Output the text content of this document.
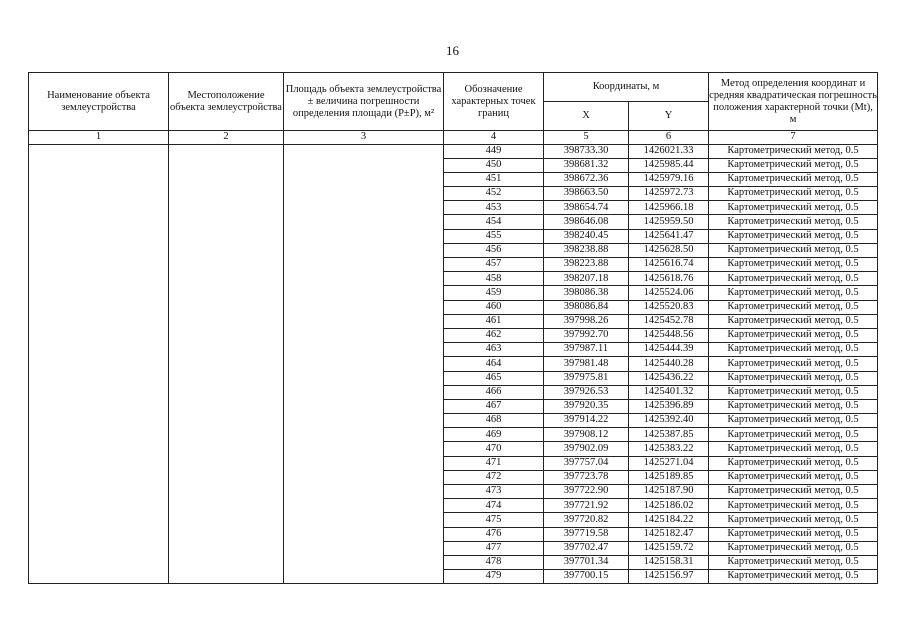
16
Наименование объекта землеустройства	Местоположение объекта землеустройства	Площадь объекта землеустройства ± величина погрешности определения площади (P±P), м²	Обозначение характерных точек границ	Координаты, м		Метод определения координат и средняя квадратическая погрешность положения характерной точки (Mt), м
				X	Y	
1	2	3	4	5	6	7
			449	398733.30	1426021.33	Картометрический метод, 0.5
			450	398681.32	1425985.44	Картометрический метод, 0.5
			451	398672.36	1425979.16	Картометрический метод, 0.5
			452	398663.50	1425972.73	Картометрический метод, 0.5
			453	398654.74	1425966.18	Картометрический метод, 0.5
			454	398646.08	1425959.50	Картометрический метод, 0.5
			455	398240.45	1425641.47	Картометрический метод, 0.5
			456	398238.88	1425628.50	Картометрический метод, 0.5
			457	398223.88	1425616.74	Картометрический метод, 0.5
			458	398207.18	1425618.76	Картометрический метод, 0.5
			459	398086.38	1425524.06	Картометрический метод, 0.5
			460	398086.84	1425520.83	Картометрический метод, 0.5
			461	397998.26	1425452.78	Картометрический метод, 0.5
			462	397992.70	1425448.56	Картометрический метод, 0.5
			463	397987.11	1425444.39	Картометрический метод, 0.5
			464	397981.48	1425440.28	Картометрический метод, 0.5
			465	397975.81	1425436.22	Картометрический метод, 0.5
			466	397926.53	1425401.32	Картометрический метод, 0.5
			467	397920.35	1425396.89	Картометрический метод, 0.5
			468	397914.22	1425392.40	Картометрический метод, 0.5
			469	397908.12	1425387.85	Картометрический метод, 0.5
			470	397902.09	1425383.22	Картометрический метод, 0.5
			471	397757.04	1425271.04	Картометрический метод, 0.5
			472	397723.78	1425189.85	Картометрический метод, 0.5
			473	397722.90	1425187.90	Картометрический метод, 0.5
			474	397721.92	1425186.02	Картометрический метод, 0.5
			475	397720.82	1425184.22	Картометрический метод, 0.5
			476	397719.58	1425182.47	Картометрический метод, 0.5
			477	397702.47	1425159.72	Картометрический метод, 0.5
			478	397701.34	1425158.31	Картометрический метод, 0.5
			479	397700.15	1425156.97	Картометрический метод, 0.5
